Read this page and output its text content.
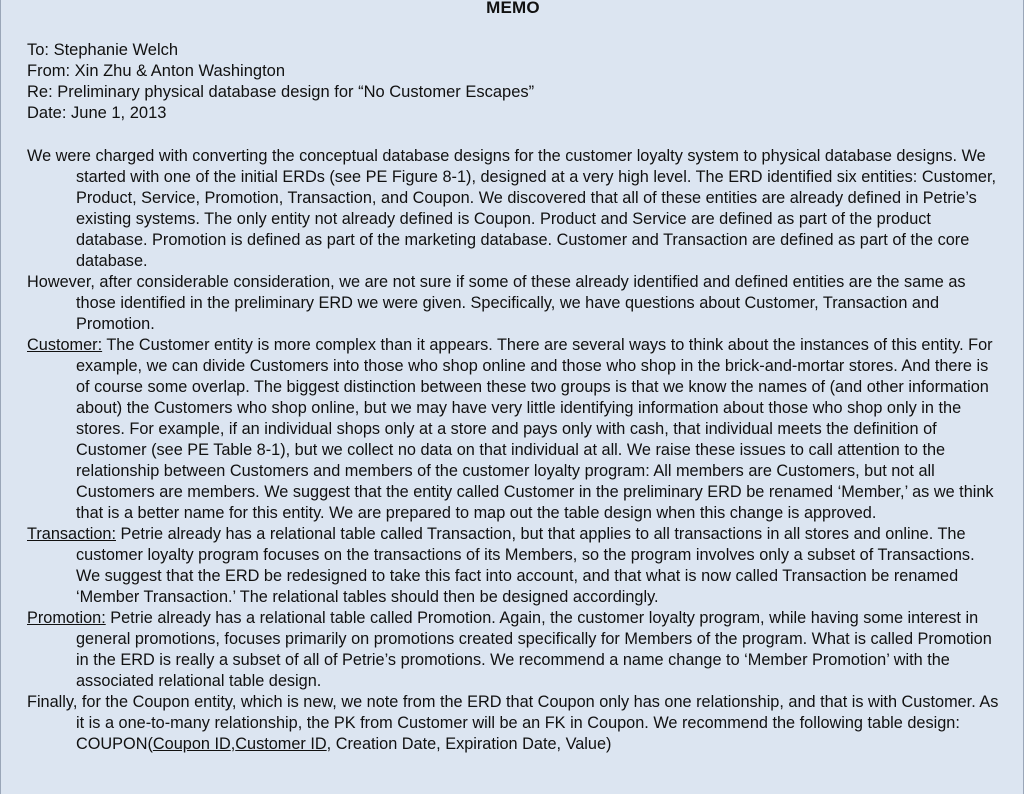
MEMO
To: Stephanie Welch
From: Xin Zhu & Anton Washington
Re: Preliminary physical database design for “No Customer Escapes”
Date: June 1, 2013

We were charged with converting the conceptual database designs for the customer loyalty system to physical database designs. We started with one of the initial ERDs (see PE Figure 8-1), designed at a very high level. The ERD identified six entities: Customer, Product, Service, Promotion, Transaction, and Coupon. We discovered that all of these entities are already defined in Petrie’s existing systems. The only entity not already defined is Coupon. Product and Service are defined as part of the product database. Promotion is defined as part of the marketing database. Customer and Transaction are defined as part of the core database.

However, after considerable consideration, we are not sure if some of these already identified and defined entities are the same as those identified in the preliminary ERD we were given. Specifically, we have questions about Customer, Transaction and Promotion.

Customer: The Customer entity is more complex than it appears. There are several ways to think about the instances of this entity. For example, we can divide Customers into those who shop online and those who shop in the brick-and-mortar stores. And there is of course some overlap. The biggest distinction between these two groups is that we know the names of (and other information about) the Customers who shop online, but we may have very little identifying information about those who shop only in the stores. For example, if an individual shops only at a store and pays only with cash, that individual meets the definition of Customer (see PE Table 8-1), but we collect no data on that individual at all. We raise these issues to call attention to the relationship between Customers and members of the customer loyalty program: All members are Customers, but not all Customers are members. We suggest that the entity called Customer in the preliminary ERD be renamed ‘Member,’ as we think that is a better name for this entity. We are prepared to map out the table design when this change is approved.

Transaction: Petrie already has a relational table called Transaction, but that applies to all transactions in all stores and online. The customer loyalty program focuses on the transactions of its Members, so the program involves only a subset of Transactions. We suggest that the ERD be redesigned to take this fact into account, and that what is now called Transaction be renamed ‘Member Transaction.’ The relational tables should then be designed accordingly.

Promotion: Petrie already has a relational table called Promotion. Again, the customer loyalty program, while having some interest in general promotions, focuses primarily on promotions created specifically for Members of the program. What is called Promotion in the ERD is really a subset of all of Petrie’s promotions. We recommend a name change to ‘Member Promotion’ with the associated relational table design.

Finally, for the Coupon entity, which is new, we note from the ERD that Coupon only has one relationship, and that is with Customer. As it is a one-to-many relationship, the PK from Customer will be an FK in Coupon. We recommend the following table design: COUPON(Coupon ID,Customer ID, Creation Date, Expiration Date, Value)
